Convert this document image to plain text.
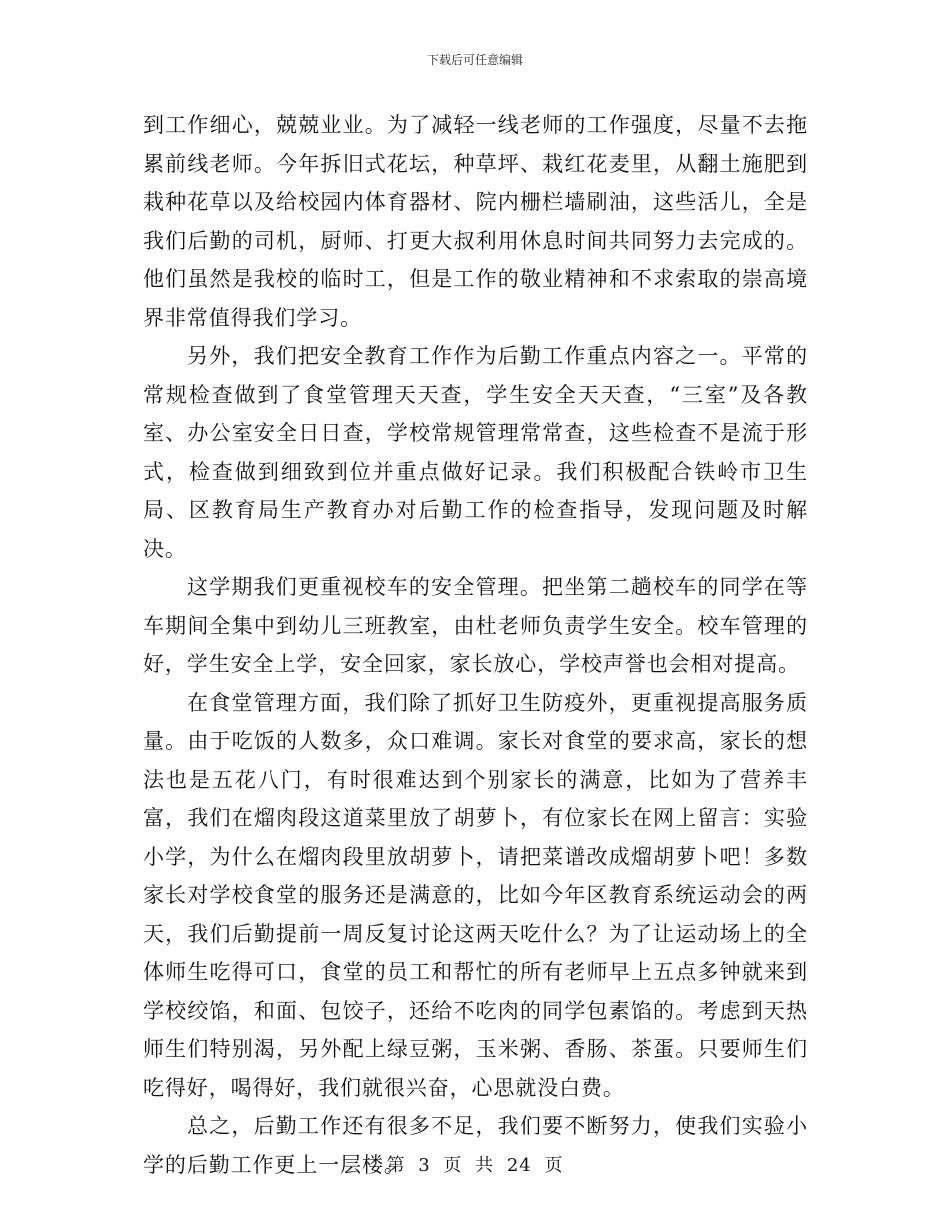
下载后可任意编辑

到工作细心，兢兢业业。为了减轻一线老师的工作强度，尽量不去拖累前线老师。今年拆旧式花坛，种草坪、栽红花麦里，从翻土施肥到栽种花草以及给校园内体育器材、院内栅栏墙刷油，这些活儿，全是我们后勤的司机，厨师、打更大叔利用休息时间共同努力去完成的。他们虽然是我校的临时工，但是工作的敬业精神和不求索取的崇高境界非常值得我们学习。

另外，我们把安全教育工作作为后勤工作重点内容之一。平常的常规检查做到了食堂管理天天查，学生安全天天查，“三室”及各教室、办公室安全日日查，学校常规管理常常查，这些检查不是流于形式，检查做到细致到位并重点做好记录。我们积极配合铁岭市卫生局、区教育局生产教育办对后勤工作的检查指导，发现问题及时解决。

这学期我们更重视校车的安全管理。把坐第二趟校车的同学在等车期间全集中到幼儿三班教室，由杜老师负责学生安全。校车管理的好，学生安全上学，安全回家，家长放心，学校声誉也会相对提高。

在食堂管理方面，我们除了抓好卫生防疫外，更重视提高服务质量。由于吃饭的人数多，众口难调。家长对食堂的要求高，家长的想法也是五花八门，有时很难达到个别家长的满意，比如为了营养丰富，我们在熘肉段这道菜里放了胡萝卜，有位家长在网上留言：实验小学，为什么在熘肉段里放胡萝卜，请把菜谱改成熘胡萝卜吧！多数家长对学校食堂的服务还是满意的，比如今年区教育系统运动会的两天，我们后勤提前一周反复讨论这两天吃什么？为了让运动场上的全体师生吃得可口，食堂的员工和帮忙的所有老师早上五点多钟就来到学校绞馅，和面、包饺子，还给不吃肉的同学包素馅的。考虑到天热师生们特别渴，另外配上绿豆粥，玉米粥、香肠、茶蛋。只要师生们吃得好，喝得好，我们就很兴奋，心思就没白费。

总之，后勤工作还有很多不足，我们要不断努力，使我们实验小学的后勤工作更上一层楼。

第 3 页 共 24 页
